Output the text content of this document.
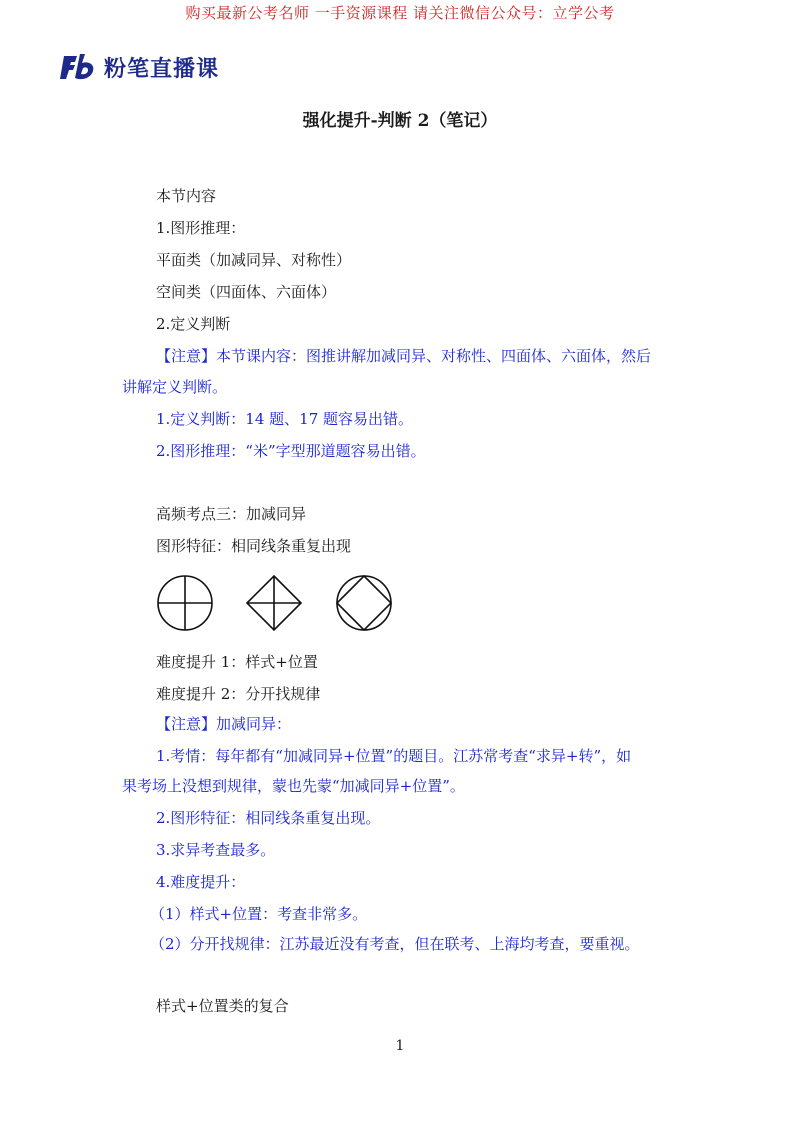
购买最新公考名师 一手资源课程 请关注微信公众号：立学公考
粉笔直播课
强化提升-判断 2（笔记）
本节内容
1.图形推理：
平面类（加减同异、对称性）
空间类（四面体、六面体）
2.定义判断
【注意】本节课内容：图推讲解加减同异、对称性、四面体、六面体，然后
讲解定义判断。
1.定义判断：14 题、17 题容易出错。
2.图形推理：“米”字型那道题容易出错。
高频考点三：加减同异
图形特征：相同线条重复出现
难度提升 1：样式+位置
难度提升 2：分开找规律
【注意】加减同异：
1.考情：每年都有“加减同异+位置”的题目。江苏常考查“求异+转”，如
果考场上没想到规律，蒙也先蒙“加减同异+位置”。
2.图形特征：相同线条重复出现。
3.求异考查最多。
4.难度提升：
（1）样式+位置：考查非常多。
（2）分开找规律：江苏最近没有考查，但在联考、上海均考查，要重视。
样式+位置类的复合
1
